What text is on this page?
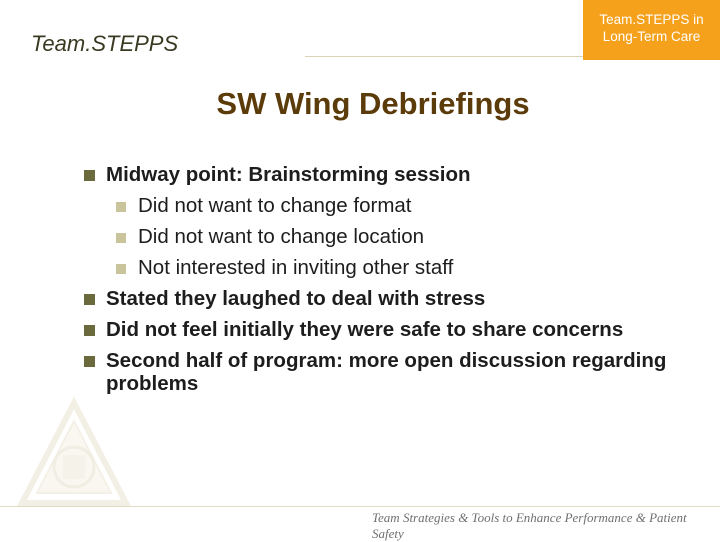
Team.STEPPS
Team.STEPPS in
Long-Term Care
SW Wing Debriefings
Midway point: Brainstorming session
Did not want to change format
Did not want to change location
Not interested in inviting other staff
Stated they laughed to deal with stress
Did not feel initially they were safe to share concerns
Second half of program: more open discussion regarding problems
Team Strategies & Tools to Enhance Performance & Patient Safety
